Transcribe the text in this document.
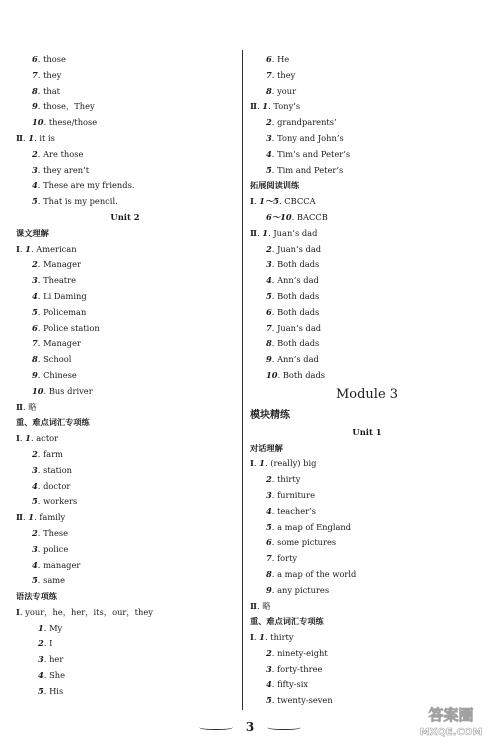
6. those
7. they
8. that
9. those，They
10. these/those
Ⅱ. 1. it is
2. Are those
3. they aren’t
4. These are my friends.
5. That is my pencil.
Unit 2
课文理解
Ⅰ. 1. American
2. Manager
3. Theatre
4. Li Daming
5. Policeman
6. Police station
7. Manager
8. School
9. Chinese
10. Bus driver
Ⅱ. 略
重、难点词汇专项练
Ⅰ. 1. actor
2. farm
3. station
4. doctor
5. workers
Ⅱ. 1. family
2. These
3. police
4. manager
5. same
语法专项练
Ⅰ. your，he，her，its，our，they
1. My
2. I
3. her
4. She
5. His
6. He
7. they
8. your
Ⅱ. 1. Tony’s
2. grandparents’
3. Tony and John’s
4. Tim’s and Peter’s
5. Tim and Peter’s
拓展阅读训练
Ⅰ. 1～5. CBCCA
6～10. BACCB
Ⅱ. 1. Juan’s dad
2. Juan’s dad
3. Both dads
4. Ann’s dad
5. Both dads
6. Both dads
7. Juan’s dad
8. Both dads
9. Ann’s dad
10. Both dads
Module 3
模块精练
Unit 1
对话理解
Ⅰ. 1. (really) big
2. thirty
3. furniture
4. teacher’s
5. a map of England
6. some pictures
7. forty
8. a map of the world
9. any pictures
Ⅱ. 略
重、难点词汇专项练
Ⅰ. 1. thirty
2. ninety-eight
3. forty-three
4. fifty-six
5. twenty-seven
3
答案圈
MXQE.COM
